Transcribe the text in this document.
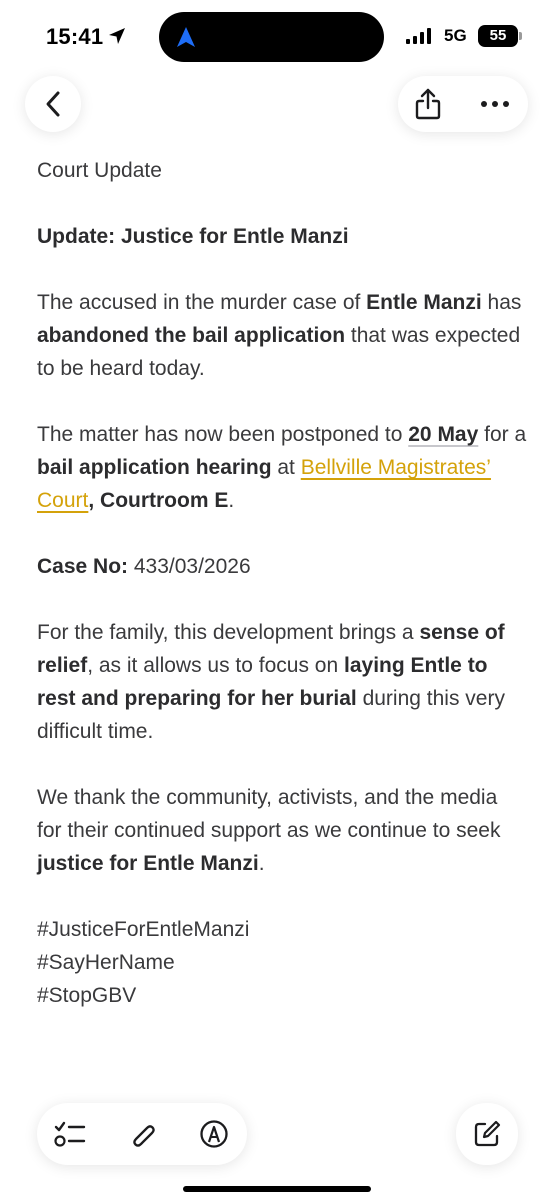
15:41	5G	55

Court Update

Update: Justice for Entle Manzi

The accused in the murder case of Entle Manzi has abandoned the bail application that was expected to be heard today.

The matter has now been postponed to 20 May for a bail application hearing at Bellville Magistrates’ Court, Courtroom E.

Case No: 433/03/2026

For the family, this development brings a sense of relief, as it allows us to focus on laying Entle to rest and preparing for her burial during this very difficult time.

We thank the community, activists, and the media for their continued support as we continue to seek justice for Entle Manzi.

#JusticeForEntleManzi

#SayHerName

#StopGBV
